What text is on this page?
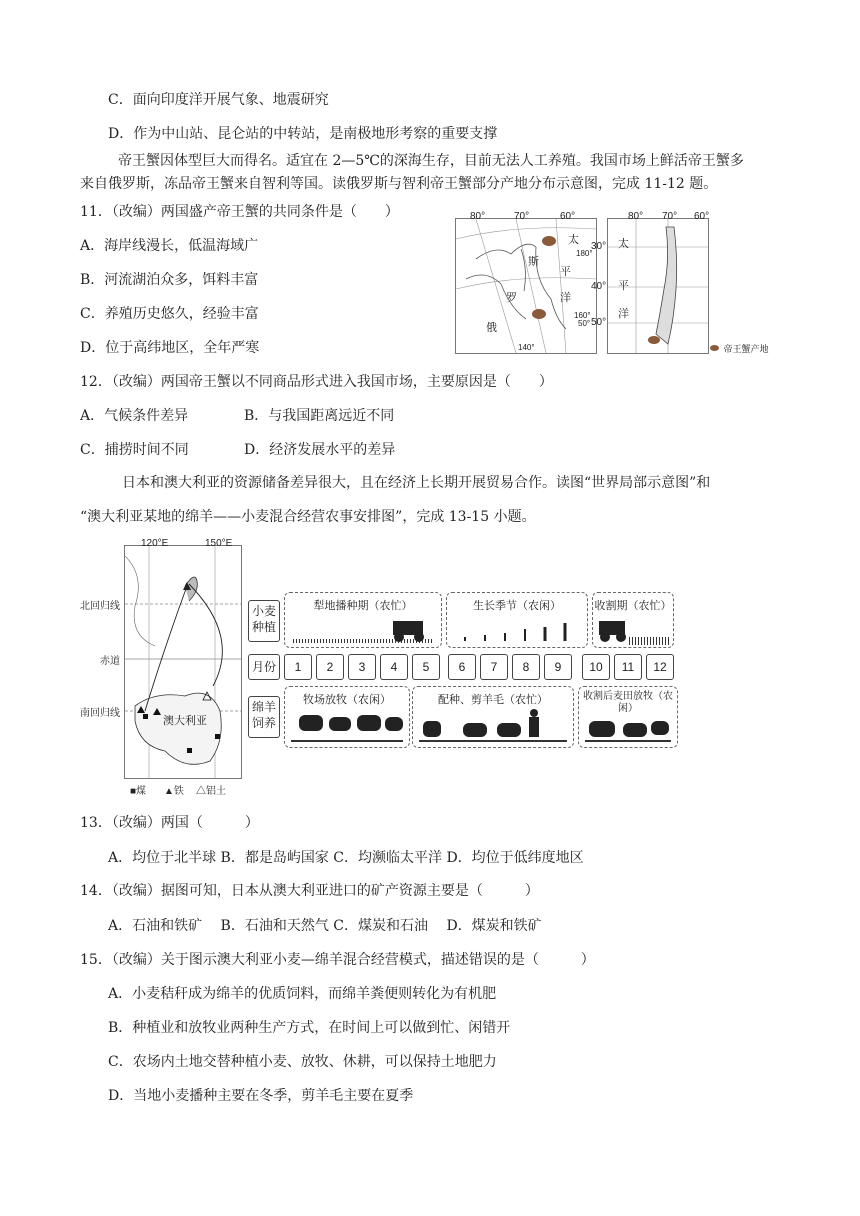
C．面向印度洋开展气象、地震研究
D．作为中山站、昆仑站的中转站，是南极地形考察的重要支撑
帝王蟹因体型巨大而得名。适宜在 2—5℃的深海生存，目前无法人工养殖。我国市场上鲜活帝王蟹多
来自俄罗斯，冻品帝王蟹来自智利等国。读俄罗斯与智利帝王蟹部分产地分布示意图，完成 11-12 题。
11．（改编）两国盛产帝王蟹的共同条件是（　　）
A．海岸线漫长，低温海域广
B．河流湖泊众多，饵料丰富
C．养殖历史悠久，经验丰富
D．位于高纬地区，全年严寒
80°	70°	60°
180°
160°
50°
140°
太
平
洋
斯
罗
俄
80° 70° 60°
30°
40°
50°
太
平
洋
帝王蟹产地
12．（改编）两国帝王蟹以不同商品形式进入我国市场，主要原因是（　　）
A．气候条件差异	B．与我国距离远近不同
C．捕捞时间不同	D．经济发展水平的差异
日本和澳大利亚的资源储备差异很大，且在经济上长期开展贸易合作。读图“世界局部示意图”和
“澳大利亚某地的绵羊——小麦混合经营农事安排图”，完成 13-15 小题。
120°E	150°E
澳大利亚
北回归线
赤道
南回归线
■煤 ▲铁 △铝土
小麦种植
月份
绵羊饲养
犁地播种期（农忙）	生长季节（农闲）	收割期（农忙）
1	2	3	4	5	6	7	8	9	10	11	12
牧场放牧（农闲）	配种、剪羊毛（农忙）	收割后麦田放牧（农闲）
13．（改编）两国（　　　）
A．均位于北半球 B．都是岛屿国家 C．均濒临太平洋 D．均位于低纬度地区
14．（改编）据图可知，日本从澳大利亚进口的矿产资源主要是（　　　）
A．石油和铁矿　 B．石油和天然气 C．煤炭和石油　 D．煤炭和铁矿
15．（改编）关于图示澳大利亚小麦—绵羊混合经营模式，描述错误的是（　　　）
A．小麦秸秆成为绵羊的优质饲料，而绵羊粪便则转化为有机肥
B．种植业和放牧业两种生产方式，在时间上可以做到忙、闲错开
C．农场内土地交替种植小麦、放牧、休耕，可以保持土地肥力
D．当地小麦播种主要在冬季，剪羊毛主要在夏季
